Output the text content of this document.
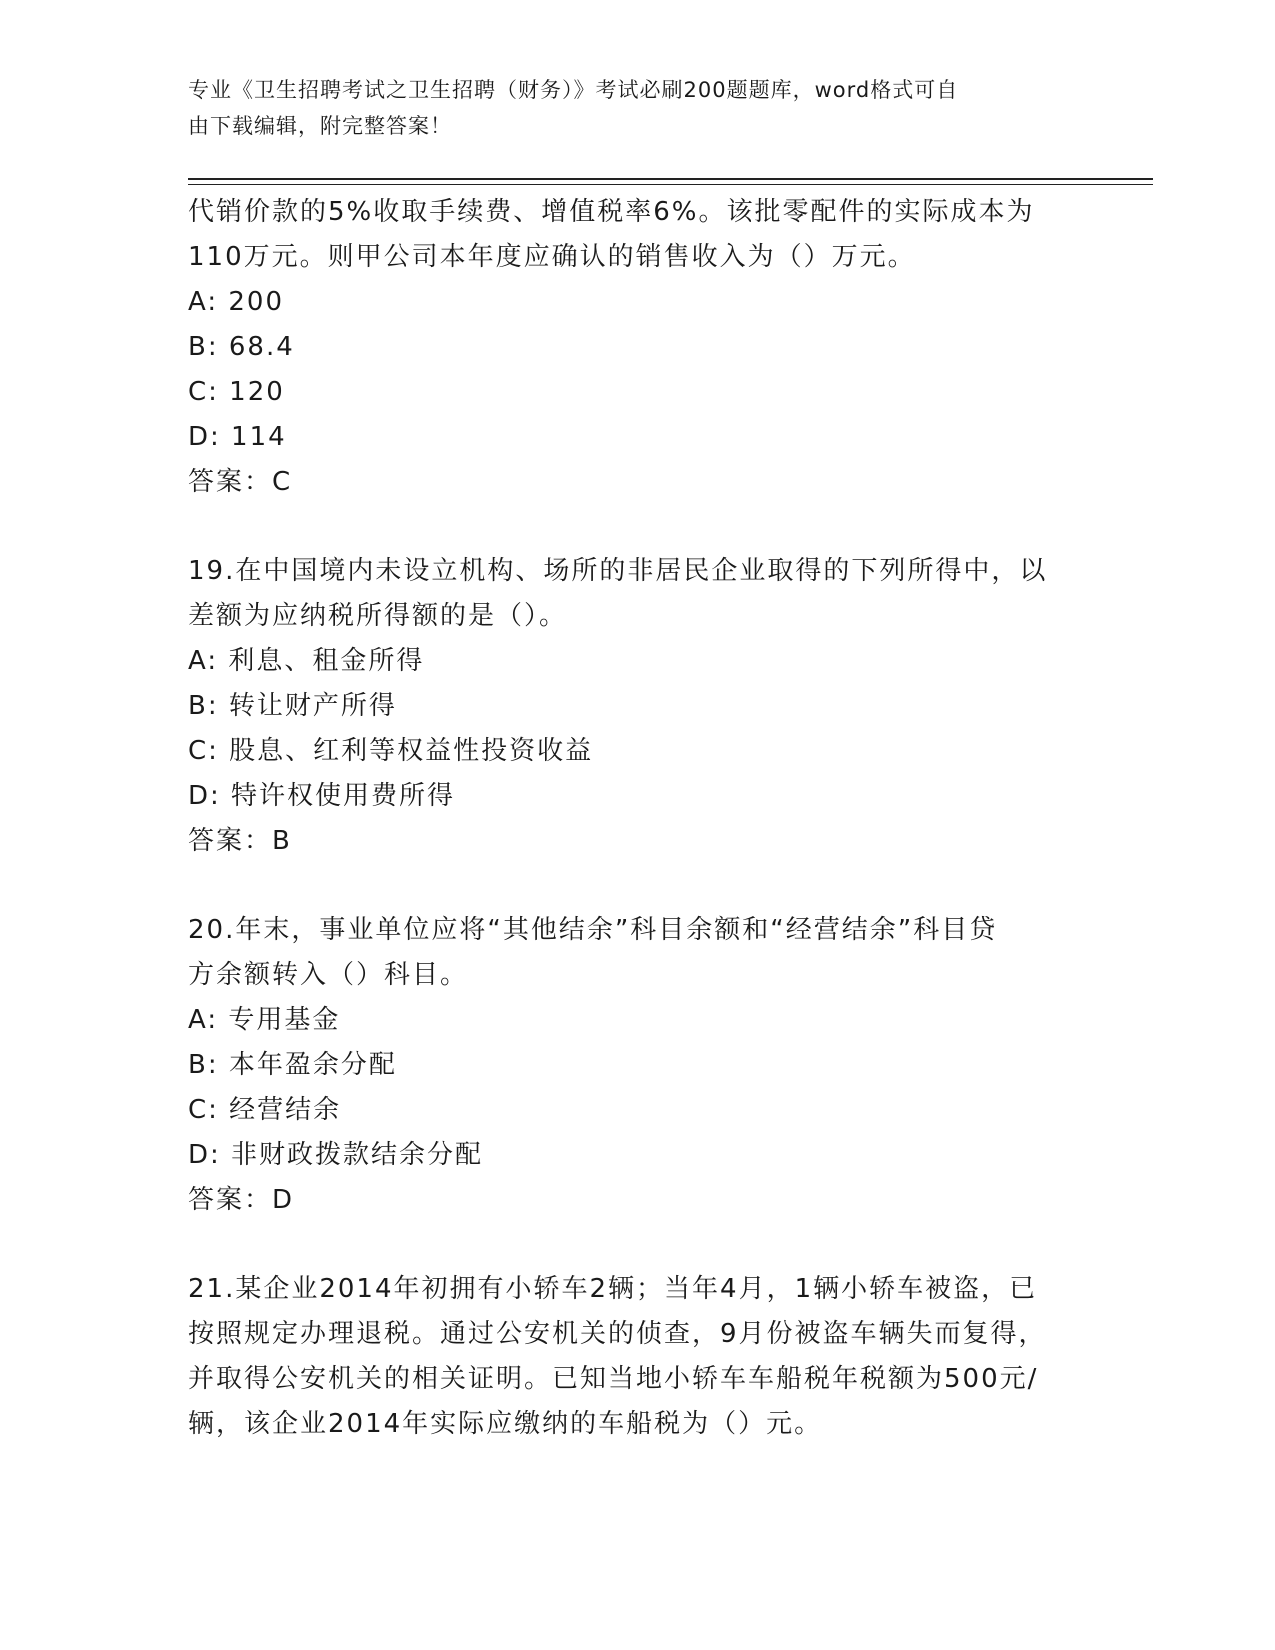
专业《卫生招聘考试之卫生招聘（财务）》考试必刷200题题库，word格式可自
由下载编辑，附完整答案！
代销价款的5%收取手续费、增值税率6%。该批零配件的实际成本为
110万元。则甲公司本年度应确认的销售收入为（）万元。
A: 200
B: 68.4
C: 120
D: 114
答案：C
19.在中国境内未设立机构、场所的非居民企业取得的下列所得中，以
差额为应纳税所得额的是（）。
A: 利息、租金所得
B: 转让财产所得
C: 股息、红利等权益性投资收益
D: 特许权使用费所得
答案：B
20.年末，事业单位应将“其他结余”科目余额和“经营结余”科目贷
方余额转入（）科目。
A: 专用基金
B: 本年盈余分配
C: 经营结余
D: 非财政拨款结余分配
答案：D
21.某企业2014年初拥有小轿车2辆；当年4月，1辆小轿车被盗，已
按照规定办理退税。通过公安机关的侦查，9月份被盗车辆失而复得，
并取得公安机关的相关证明。已知当地小轿车车船税年税额为500元/
辆，该企业2014年实际应缴纳的车船税为（）元。
